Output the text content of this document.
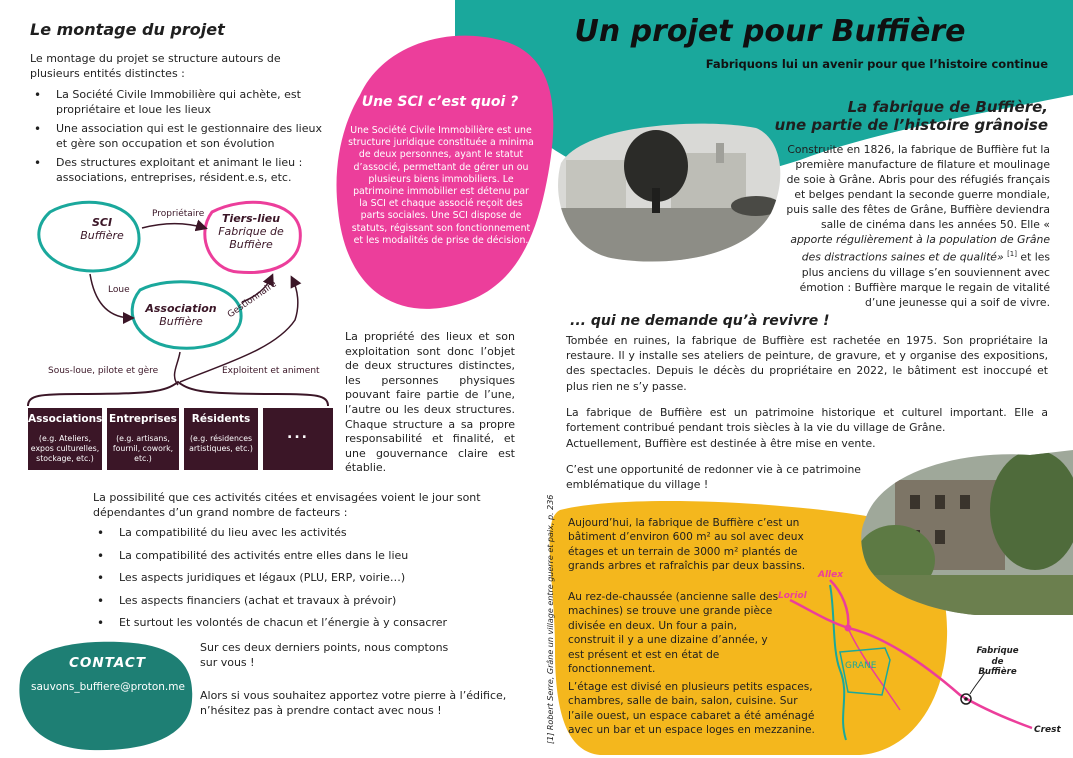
Un projet pour Buffière
Fabriquons lui un avenir pour que l’histoire continue
Le montage du projet
Le montage du projet se structure autours de plusieurs entités distinctes :
• La Société Civile Immobilière qui achète, est propriétaire et loue les lieux
• Une association qui est le gestionnaire des lieux et gère son occupation et son évolution
• Des structures exploitant et animant le lieu : associations, entreprises, résident.e.s, etc.
SCI
Buffière
Tiers-lieu
Fabrique de
Buffière
Association
Buffière
Propriétaire
Loue	Gestionnaire
Sous-loue, pilote et gère	Exploitent et animent
Associations
(e.g. Ateliers, expos culturelles, stockage, etc.)
Entreprises
(e.g. artisans, fournil, cowork, etc.)
Résidents
(e.g. résidences artistiques, etc.)
...
Une SCI c’est quoi ?
Une Société Civile Immobilière est une structure juridique constituée a minima de deux personnes, ayant le statut d’associé, permettant de gérer un ou plusieurs biens immobiliers. Le patrimoine immobilier est détenu par la SCI et chaque associé reçoit des parts sociales. Une SCI dispose de statuts, régissant son fonctionnement et les modalités de prise de décision.
La propriété des lieux et son exploitation sont donc l’objet de deux structures distinctes, les personnes physiques pouvant faire partie de l’une, l’autre ou les deux structures. Chaque structure a sa propre responsabilité et finalité, et une gouvernance claire est établie.
La fabrique de Buffière,
une partie de l’histoire grânoise
Construite en 1826, la fabrique de Buffière fut la première manufacture de filature et moulinage de soie à Grâne. Abris pour des réfugiés français et belges pendant la seconde guerre mondiale, puis salle des fêtes de Grâne, Buffière deviendra salle de cinéma dans les années 50. Elle « apporte régulièrement à la population de Grâne des distractions saines et de qualité» [1] et les plus anciens du village s’en souviennent avec émotion : Buffière marque le regain de vitalité d’une jeunesse qui a soif de vivre.
... qui ne demande qu’à revivre !
Tombée en ruines, la fabrique de Buffière est rachetée en 1975. Son propriétaire la restaure. Il y installe ses ateliers de peinture, de gravure, et y organise des expositions, des spectacles. Depuis le décès du propriétaire en 2022, le bâtiment est inoccupé et plus rien ne s’y passe.
La fabrique de Buffière est un patrimoine historique et culturel important. Elle a fortement contribué pendant trois siècles à la vie du village de Grâne.
Actuellement, Buffière est destinée à être mise en vente.
C’est une opportunité de redonner vie à ce patrimoine emblématique du village !
[1] Robert Serre, Grâne un village entre guerre et paix, p. 236 Aujourd’hui, la fabrique de Buffière c’est un bâtiment d’environ 600 m² au sol avec deux étages et un terrain de 3000 m² plantés de grands arbres et rafraîchis par deux bassins.
Au rez-de-chaussée (ancienne salle des machines) se trouve une grande pièce divisée en deux. Un four a pain, construit il y a une dizaine d’année, y est présent et est en état de fonctionnement.
L’étage est divisé en plusieurs petits espaces, chambres, salle de bain, salon, cuisine. Sur l’aile ouest, un espace cabaret a été aménagé avec un bar et un espace loges en mezzanine.
Allex
Loriol
GRANE
Fabrique
de
Buffière
Crest
La possibilité que ces activités citées et envisagées voient le jour sont dépendantes d’un grand nombre de facteurs :
• La compatibilité du lieu avec les activités
• La compatibilité des activités entre elles dans le lieu
• Les aspects juridiques et légaux (PLU, ERP, voirie…)
• Les aspects financiers (achat et travaux à prévoir)
• Et surtout les volontés de chacun et l’énergie à y consacrer
CONTACT
sauvons_buffiere@proton.me
Sur ces deux derniers points, nous comptons sur vous !
Alors si vous souhaitez apportez votre pierre à l’édifice, n’hésitez pas à prendre contact avec nous !
